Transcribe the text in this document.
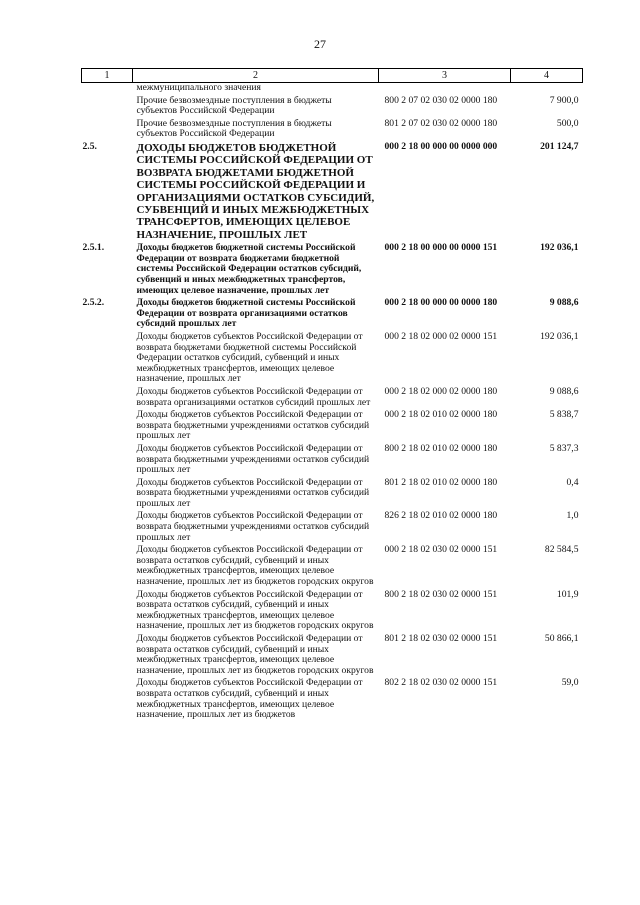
27
1	2	3	4
	межмуниципального значения		
	Прочие безвозмездные поступления в бюджеты субъектов Российской Федерации	800 2 07 02 030 02 0000 180	7 900,0
	Прочие безвозмездные поступления в бюджеты субъектов Российской Федерации	801 2 07 02 030 02 0000 180	500,0
2.5.	ДОХОДЫ БЮДЖЕТОВ БЮДЖЕТНОЙ СИСТЕМЫ РОССИЙСКОЙ ФЕДЕРАЦИИ ОТ ВОЗВРАТА БЮДЖЕТАМИ БЮДЖЕТНОЙ СИСТЕМЫ РОССИЙСКОЙ ФЕДЕРАЦИИ И ОРГАНИЗАЦИЯМИ ОСТАТКОВ СУБСИДИЙ, СУБВЕНЦИЙ И ИНЫХ МЕЖБЮДЖЕТНЫХ ТРАНСФЕРТОВ, ИМЕЮЩИХ ЦЕЛЕВОЕ НАЗНАЧЕНИЕ, ПРОШЛЫХ ЛЕТ	000 2 18 00 000 00 0000 000	201 124,7
2.5.1.	Доходы бюджетов бюджетной системы Российской Федерации от возврата бюджетами бюджетной системы Российской Федерации остатков субсидий, субвенций и иных межбюджетных трансфертов, имеющих целевое назначение, прошлых лет	000 2 18 00 000 00 0000 151	192 036,1
2.5.2.	Доходы бюджетов бюджетной системы Российской Федерации от возврата организациями остатков субсидий прошлых лет	000 2 18 00 000 00 0000 180	9 088,6
	Доходы бюджетов субъектов Российской Федерации от возврата бюджетами бюджетной системы Российской Федерации остатков субсидий, субвенций и иных межбюджетных трансфертов, имеющих целевое назначение, прошлых лет	000 2 18 02 000 02 0000 151	192 036,1
	Доходы бюджетов субъектов Российской Федерации от возврата организациями остатков субсидий прошлых лет	000 2 18 02 000 02 0000 180	9 088,6
	Доходы бюджетов субъектов Российской Федерации от возврата бюджетными учреждениями остатков субсидий прошлых лет	000 2 18 02 010 02 0000 180	5 838,7
	Доходы бюджетов субъектов Российской Федерации от возврата бюджетными учреждениями остатков субсидий прошлых лет	800 2 18 02 010 02 0000 180	5 837,3
	Доходы бюджетов субъектов Российской Федерации от возврата бюджетными учреждениями остатков субсидий прошлых лет	801 2 18 02 010 02 0000 180	0,4
	Доходы бюджетов субъектов Российской Федерации от возврата бюджетными учреждениями остатков субсидий прошлых лет	826 2 18 02 010 02 0000 180	1,0
	Доходы бюджетов субъектов Российской Федерации от возврата остатков субсидий, субвенций и иных межбюджетных трансфертов, имеющих целевое назначение, прошлых лет из бюджетов городских округов	000 2 18 02 030 02 0000 151	82 584,5
	Доходы бюджетов субъектов Российской Федерации от возврата остатков субсидий, субвенций и иных межбюджетных трансфертов, имеющих целевое назначение, прошлых лет из бюджетов городских округов	800 2 18 02 030 02 0000 151	101,9
	Доходы бюджетов субъектов Российской Федерации от возврата остатков субсидий, субвенций и иных межбюджетных трансфертов, имеющих целевое назначение, прошлых лет из бюджетов городских округов	801 2 18 02 030 02 0000 151	50 866,1
	Доходы бюджетов субъектов Российской Федерации от возврата остатков субсидий, субвенций и иных межбюджетных трансфертов, имеющих целевое назначение, прошлых лет из бюджетов	802 2 18 02 030 02 0000 151	59,0
